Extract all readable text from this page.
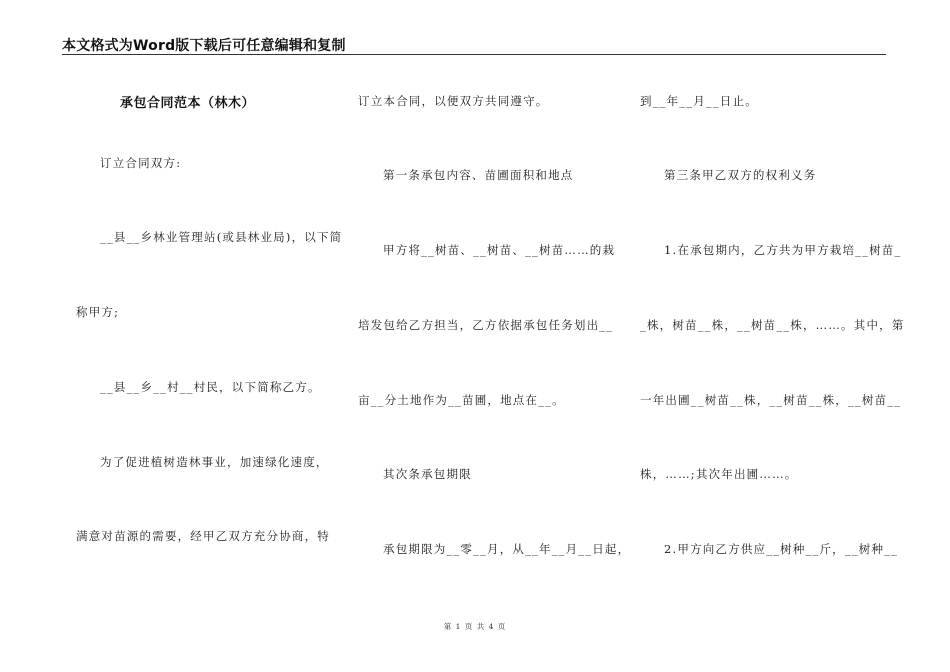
本文格式为Word版下载后可任意编辑和复制
承包合同范本（林木）
订立合同双方:
__县__乡林业管理站(或县林业局)，以下简
称甲方;
__县__乡__村__村民，以下简称乙方。
为了促进植树造林事业，加速绿化速度，
满意对苗源的需要，经甲乙双方充分协商，特
订立本合同，以便双方共同遵守。
第一条承包内容、苗圃面积和地点
甲方将__树苗、__树苗、__树苗……的栽
培发包给乙方担当，乙方依据承包任务划出__
亩__分土地作为__苗圃，地点在__。
其次条承包期限
承包期限为__零__月，从__年__月__日起，
到__年__月__日止。
第三条甲乙双方的权利义务
1.在承包期内，乙方共为甲方栽培__树苗_
_株，树苗__株，__树苗__株，……。其中，第
一年出圃__树苗__株，__树苗__株，__树苗__
株，……;其次年出圃……。
2.甲方向乙方供应__树种__斤，__树种__
第 1 页 共 4 页
